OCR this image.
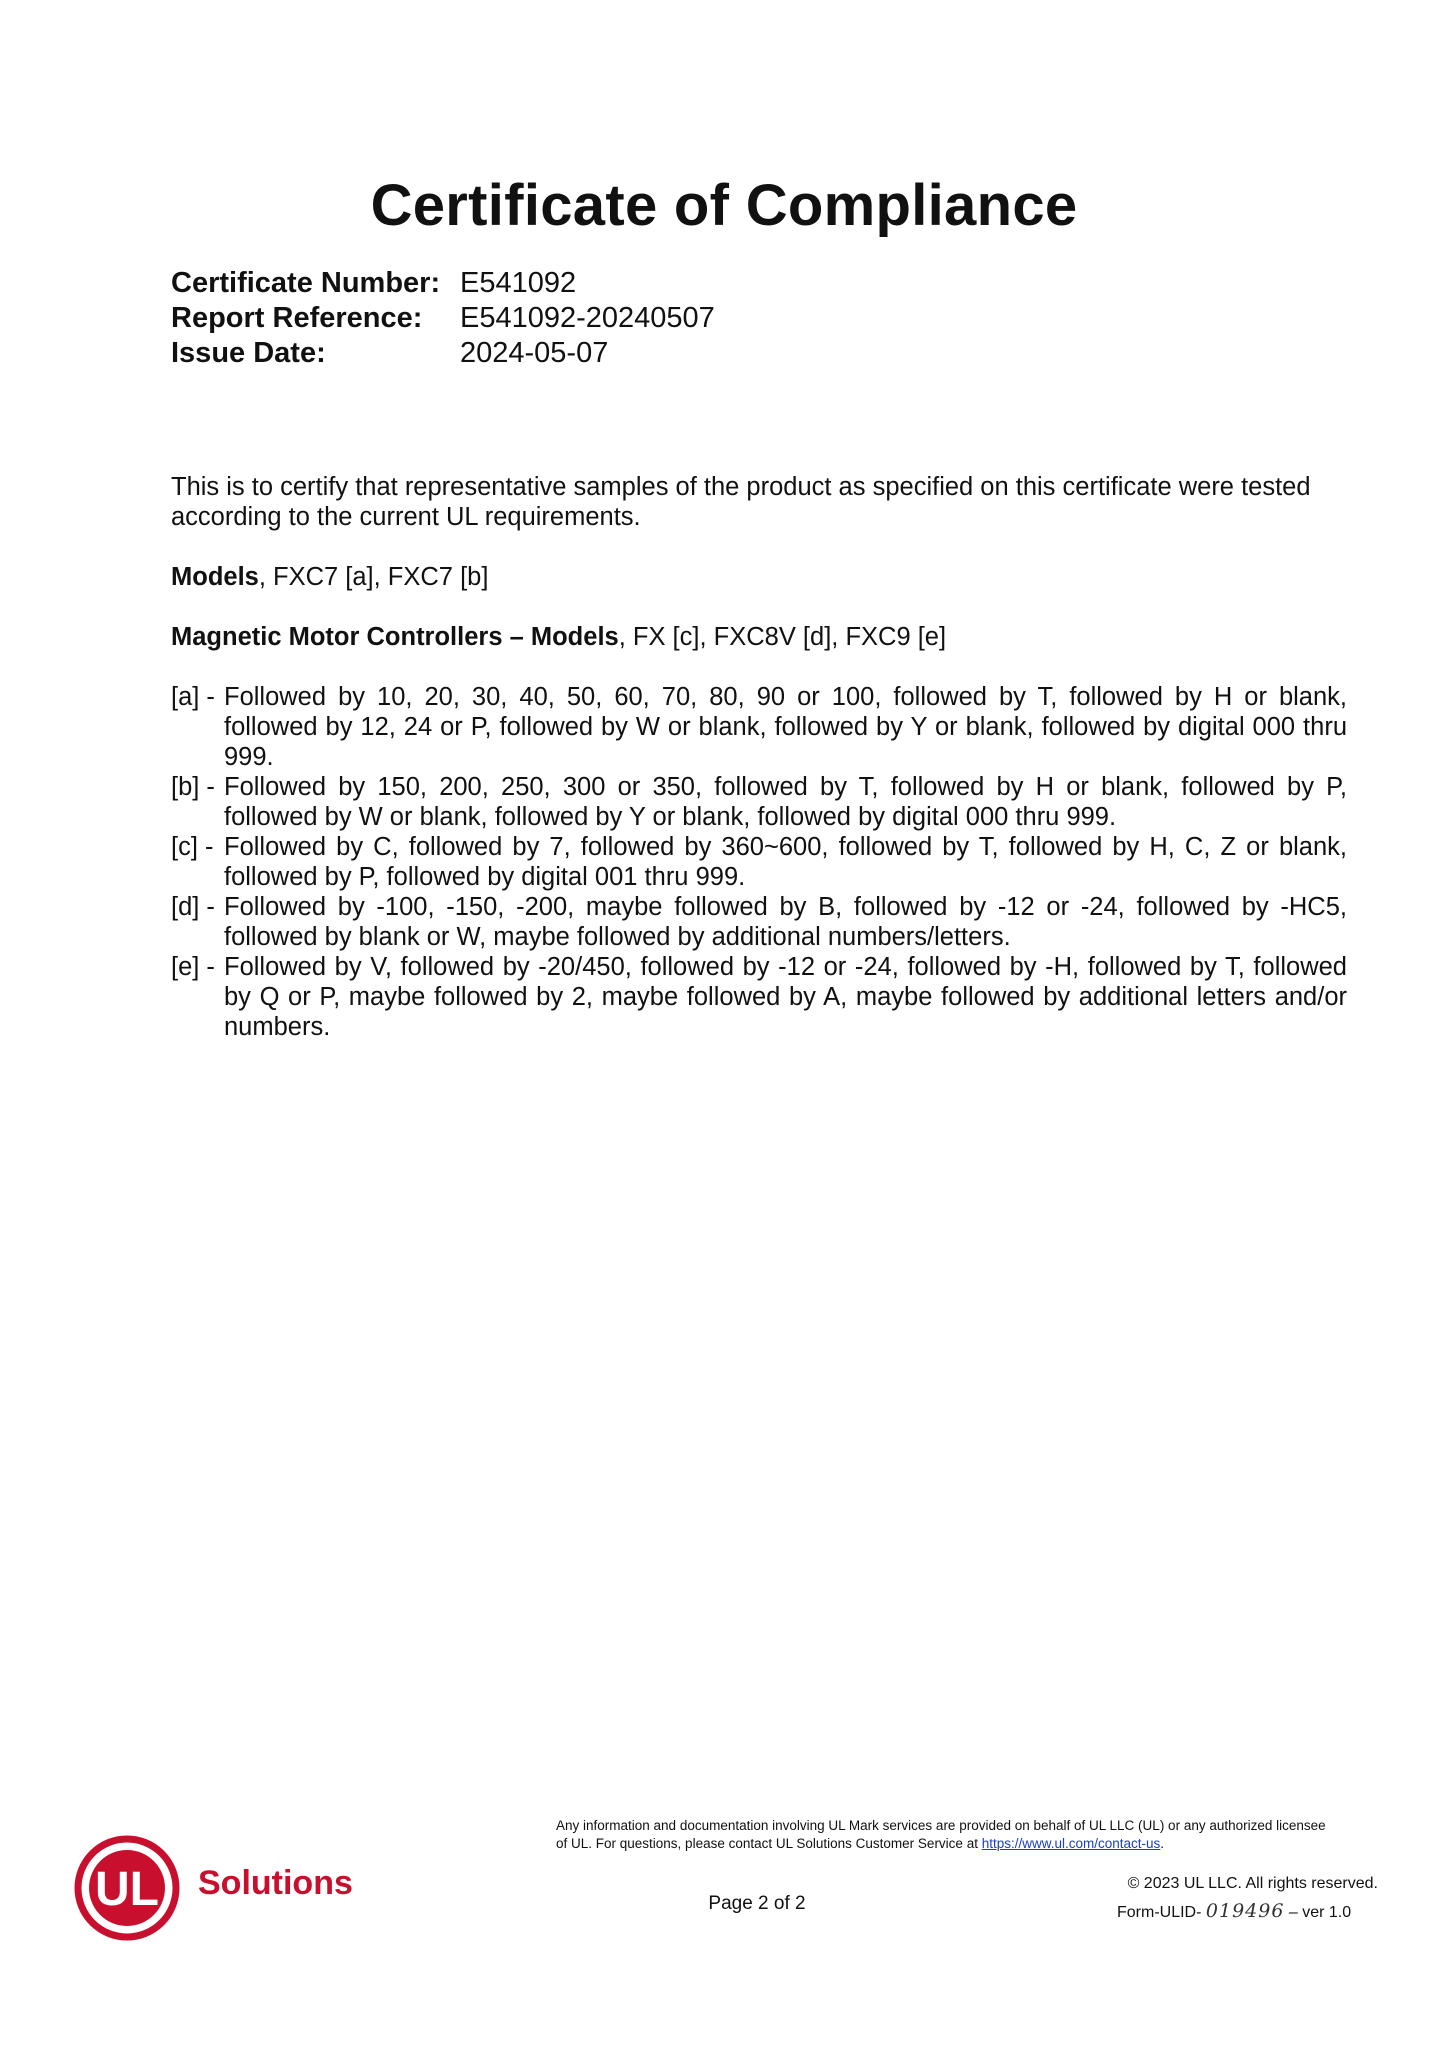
Certificate of Compliance
Certificate Number: E541092
Report Reference: E541092-20240507
Issue Date:	2024-05-07
This is to certify that representative samples of the product as specified on this certificate were tested according to the current UL requirements.
Models, FXC7 [a], FXC7 [b]
Magnetic Motor Controllers – Models, FX [c], FXC8V [d], FXC9 [e]
[a] - Followed by 10, 20, 30, 40, 50, 60, 70, 80, 90 or 100, followed by T, followed by H or blank, followed by 12, 24 or P, followed by W or blank, followed by Y or blank, followed by digital 000 thru 999.
[b] - Followed by 150, 200, 250, 300 or 350, followed by T, followed by H or blank, followed by P, followed by W or blank, followed by Y or blank, followed by digital 000 thru 999.
[c] - Followed by C, followed by 7, followed by 360~600, followed by T, followed by H, C, Z or blank, followed by P, followed by digital 001 thru 999.
[d] - Followed by -100, -150, -200, maybe followed by B, followed by -12 or -24, followed by -HC5, followed by blank or W, maybe followed by additional numbers/letters.
[e] - Followed by V, followed by -20/450, followed by -12 or -24, followed by -H, followed by T, followed by Q or P, maybe followed by 2, maybe followed by A, maybe followed by additional letters and/or numbers.
Any information and documentation involving UL Mark services are provided on behalf of UL LLC (UL) or any authorized licensee of UL. For questions, please contact UL Solutions Customer Service at https://www.ul.com/contact-us.
UL Solutions
Page 2 of 2
© 2023 UL LLC. All rights reserved.
Form-ULID- 019496 – ver 1.0
